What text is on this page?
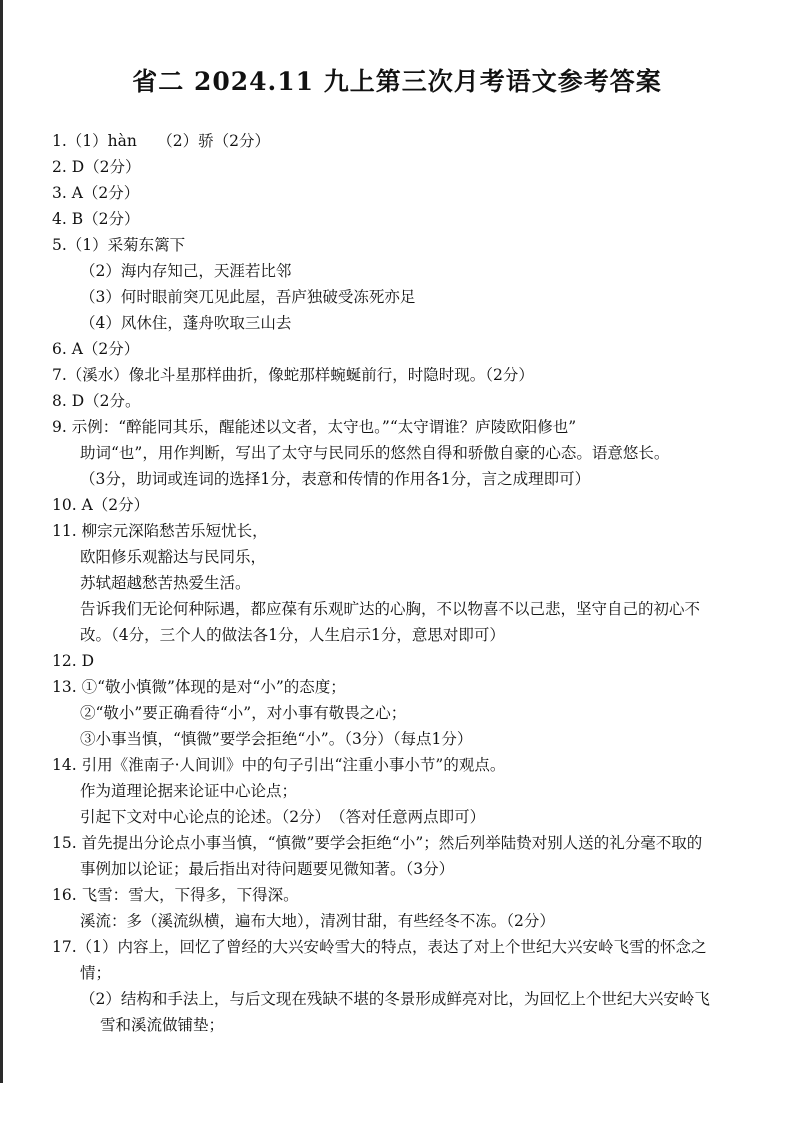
省二 2024.11 九上第三次月考语文参考答案
1.（1）hàn　 （2）骄（2分）
2. D（2分）
3. A（2分）
4. B（2分）
5.（1）采菊东篱下
（2）海内存知己，天涯若比邻
（3）何时眼前突兀见此屋，吾庐独破受冻死亦足
（4）风休住，蓬舟吹取三山去
6. A（2分）
7.（溪水）像北斗星那样曲折，像蛇那样蜿蜒前行，时隐时现。（2分）
8. D（2分。
9. 示例：“醉能同其乐，醒能述以文者，太守也。”“太守谓谁？庐陵欧阳修也”
助词“也”，用作判断，写出了太守与民同乐的悠然自得和骄傲自豪的心态。语意悠长。
（3分，助词或连词的选择1分，表意和传情的作用各1分，言之成理即可）
10. A（2分）
11. 柳宗元深陷愁苦乐短忧长，
欧阳修乐观豁达与民同乐，
苏轼超越愁苦热爱生活。
告诉我们无论何种际遇，都应葆有乐观旷达的心胸，不以物喜不以己悲，坚守自己的初心不
改。（4分，三个人的做法各1分，人生启示1分，意思对即可）
12. D
13. ①“敬小慎微”体现的是对“小”的态度；
②“敬小”要正确看待“小”，对小事有敬畏之心；
③小事当慎，“慎微”要学会拒绝“小”。（3分）（每点1分）
14. 引用《淮南子·人间训》中的句子引出“注重小事小节”的观点。
作为道理论据来论证中心论点；
引起下文对中心论点的论述。（2分）　（答对任意两点即可）
15. 首先提出分论点小事当慎，“慎微”要学会拒绝“小”；然后列举陆贽对别人送的礼分毫不取的
事例加以论证；最后指出对待问题要见微知著。（3分）
16. 飞雪：雪大，下得多，下得深。
溪流：多（溪流纵横，遍布大地），清冽甘甜，有些经冬不冻。（2分）
17.（1）内容上，回忆了曾经的大兴安岭雪大的特点，表达了对上个世纪大兴安岭飞雪的怀念之
情；
（2）结构和手法上，与后文现在残缺不堪的冬景形成鲜亮对比，为回忆上个世纪大兴安岭飞
雪和溪流做铺垫；
